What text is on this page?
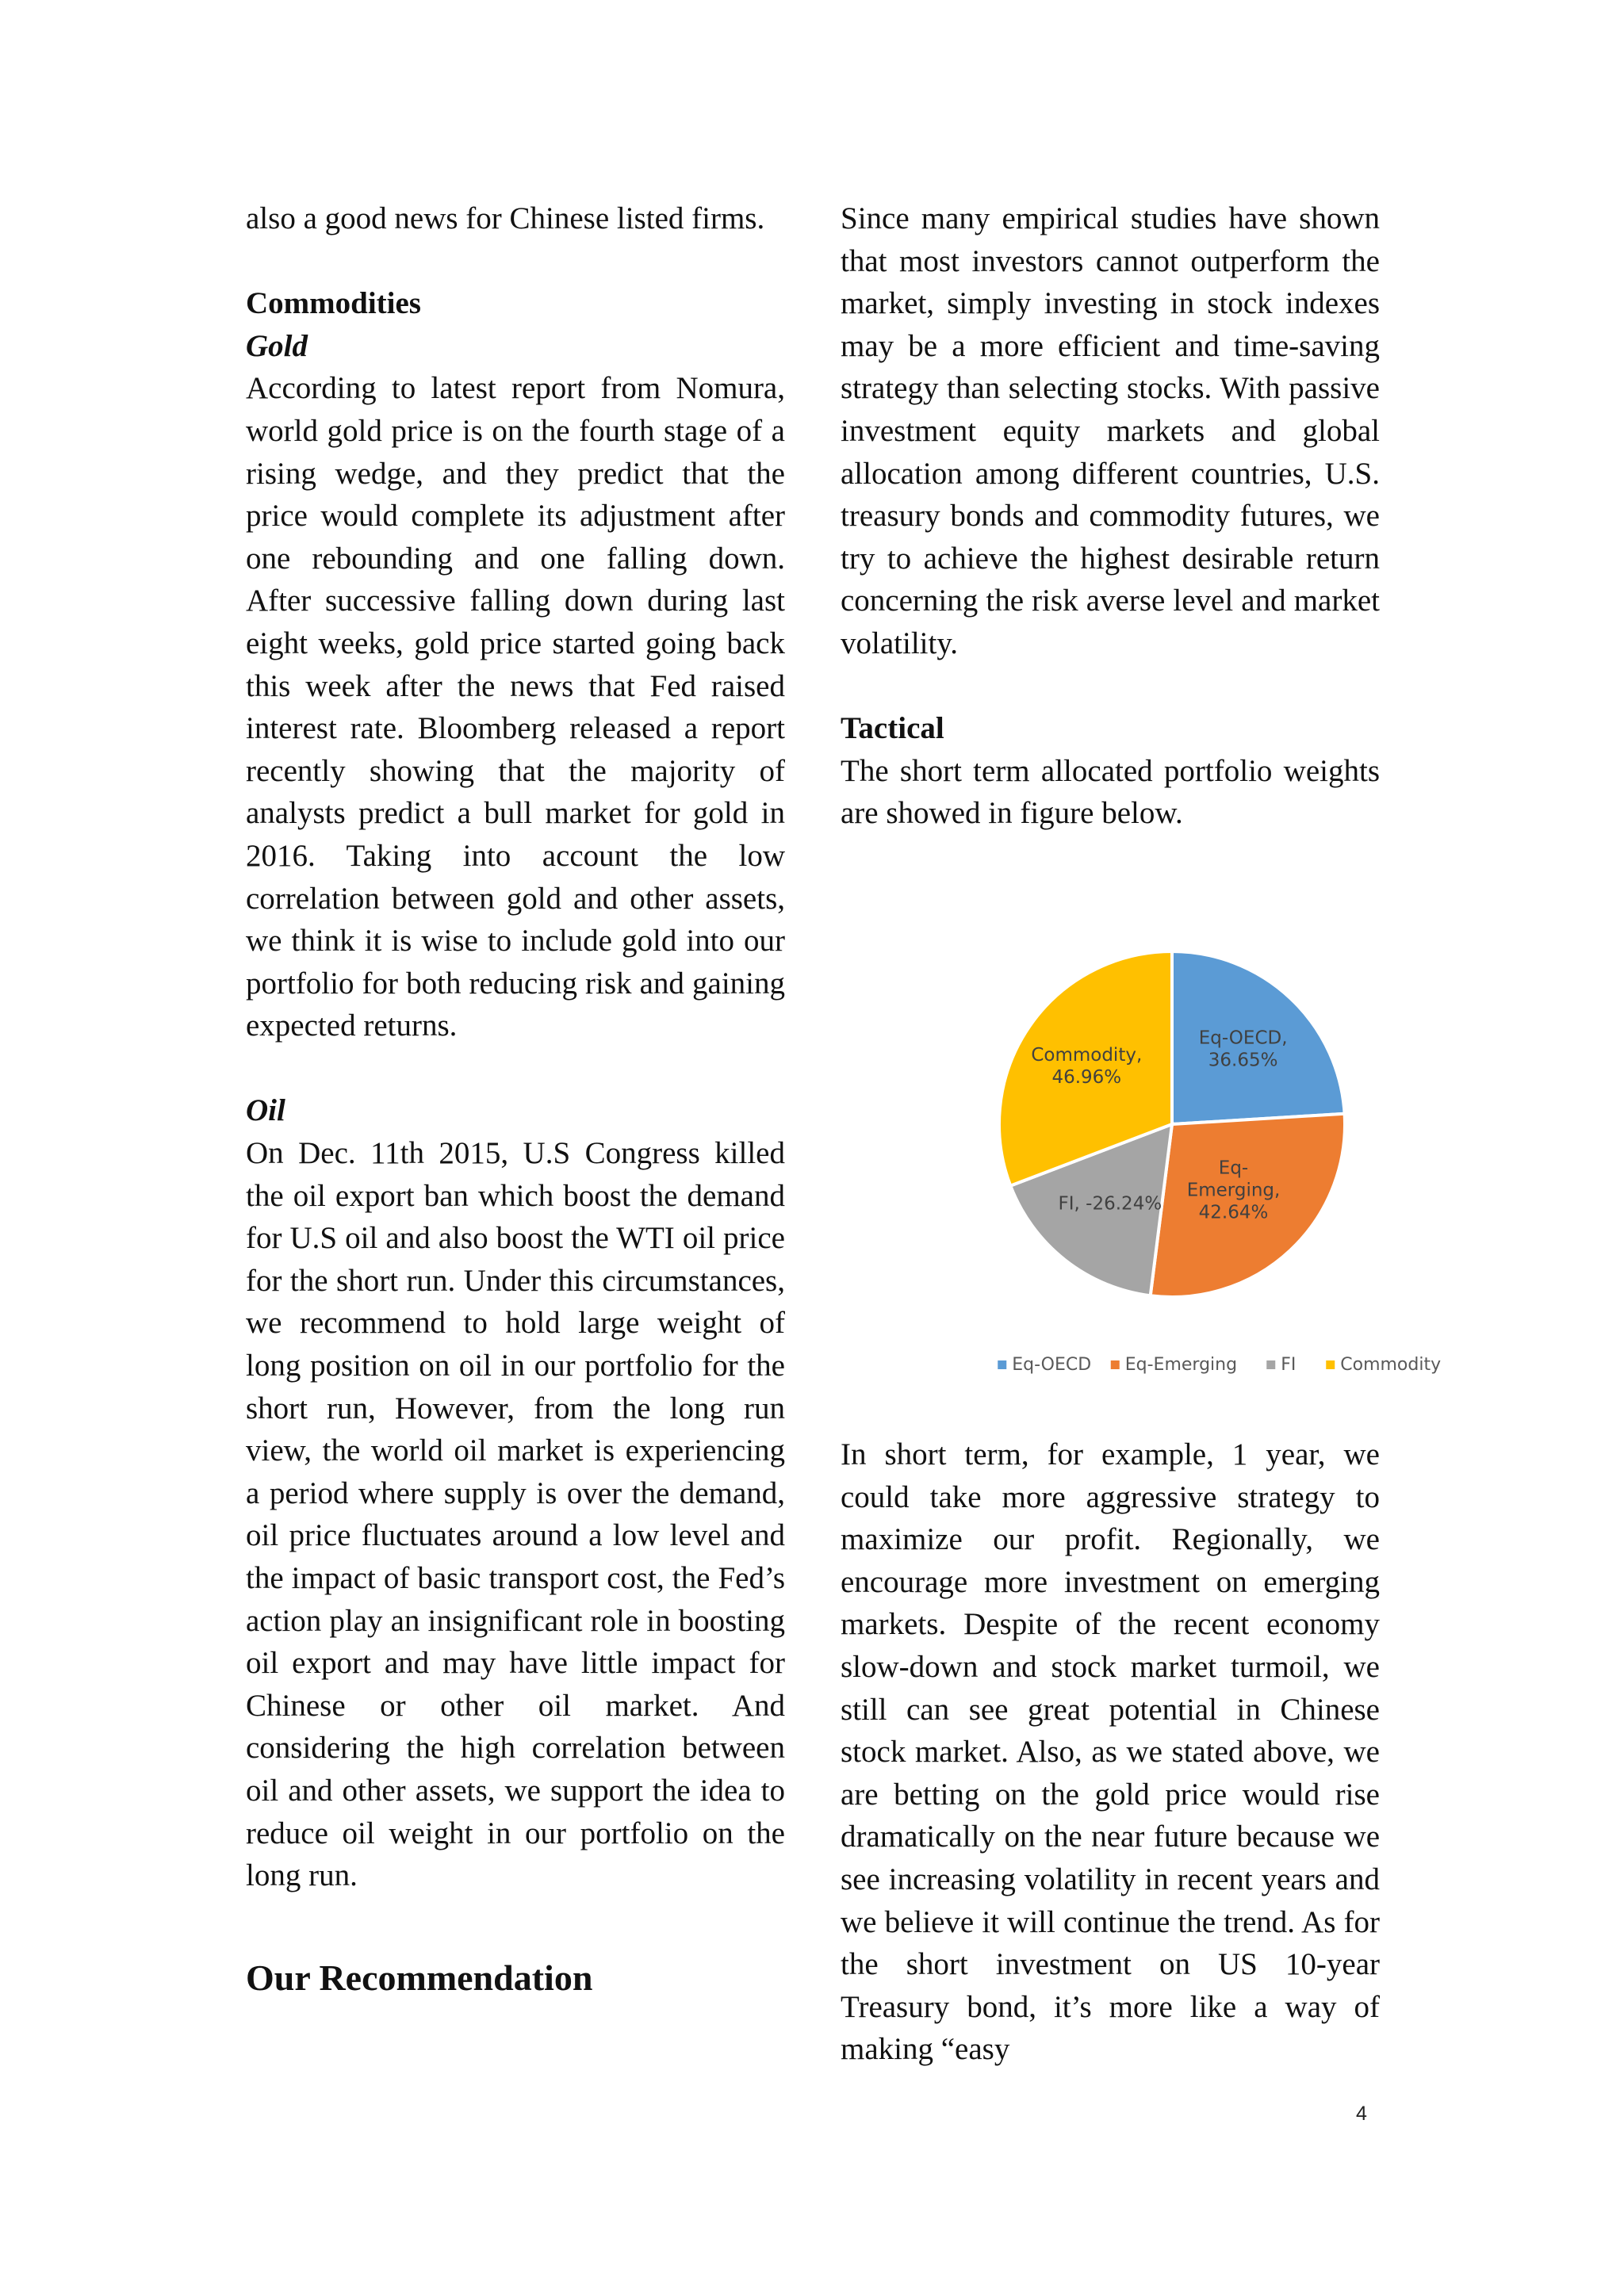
also a good news for Chinese listed firms.

Commodities

Gold

According to latest report from Nomura, world gold price is on the fourth stage of a rising wedge, and they predict that the price would complete its adjustment after one rebounding and one falling down. After successive falling down during last eight weeks, gold price started going back this week after the news that Fed raised interest rate. Bloomberg released a report recently showing that the majority of analysts predict a bull market for gold in 2016. Taking into account the low correlation between gold and other assets, we think it is wise to include gold into our portfolio for both reducing risk and gaining expected returns.

Oil

On Dec. 11th 2015, U.S Congress killed the oil export ban which boost the demand for U.S oil and also boost the WTI oil price for the short run. Under this circumstances, we recommend to hold large weight of long position on oil in our portfolio for the short run, However, from the long run view, the world oil market is experiencing a period where supply is over the demand, oil price fluctuates around a low level and the impact of basic transport cost, the Fed’s action play an insignificant role in boosting oil export and may have little impact for Chinese or other oil market. And considering the high correlation between oil and other assets, we support the idea to reduce oil weight in our portfolio on the long run.

Our Recommendation

Since many empirical studies have shown that most investors cannot outperform the market, simply investing in stock indexes may be a more efficient and time-saving strategy than selecting stocks. With passive investment equity markets and global allocation among different countries, U.S. treasury bonds and commodity futures, we try to achieve the highest desirable return concerning the risk averse level and market volatility.

Tactical

The short term allocated portfolio weights are showed in figure below.

Eq-OECD, 36.65%
Eq-Emerging, 42.64%
FI, -26.24%
Commodity, 46.96%
Eq-OECD Eq-Emerging	FI	Commodity

In short term, for example, 1 year, we could take more aggressive strategy to maximize our profit. Regionally, we encourage more investment on emerging markets. Despite of the recent economy slow-down and stock market turmoil, we still can see great potential in Chinese stock market. Also, as we stated above, we are betting on the gold price would rise dramatically on the near future because we see increasing volatility in recent years and we believe it will continue the trend. As for the short investment on US 10-year Treasury bond, it’s more like a way of making “easy

4
